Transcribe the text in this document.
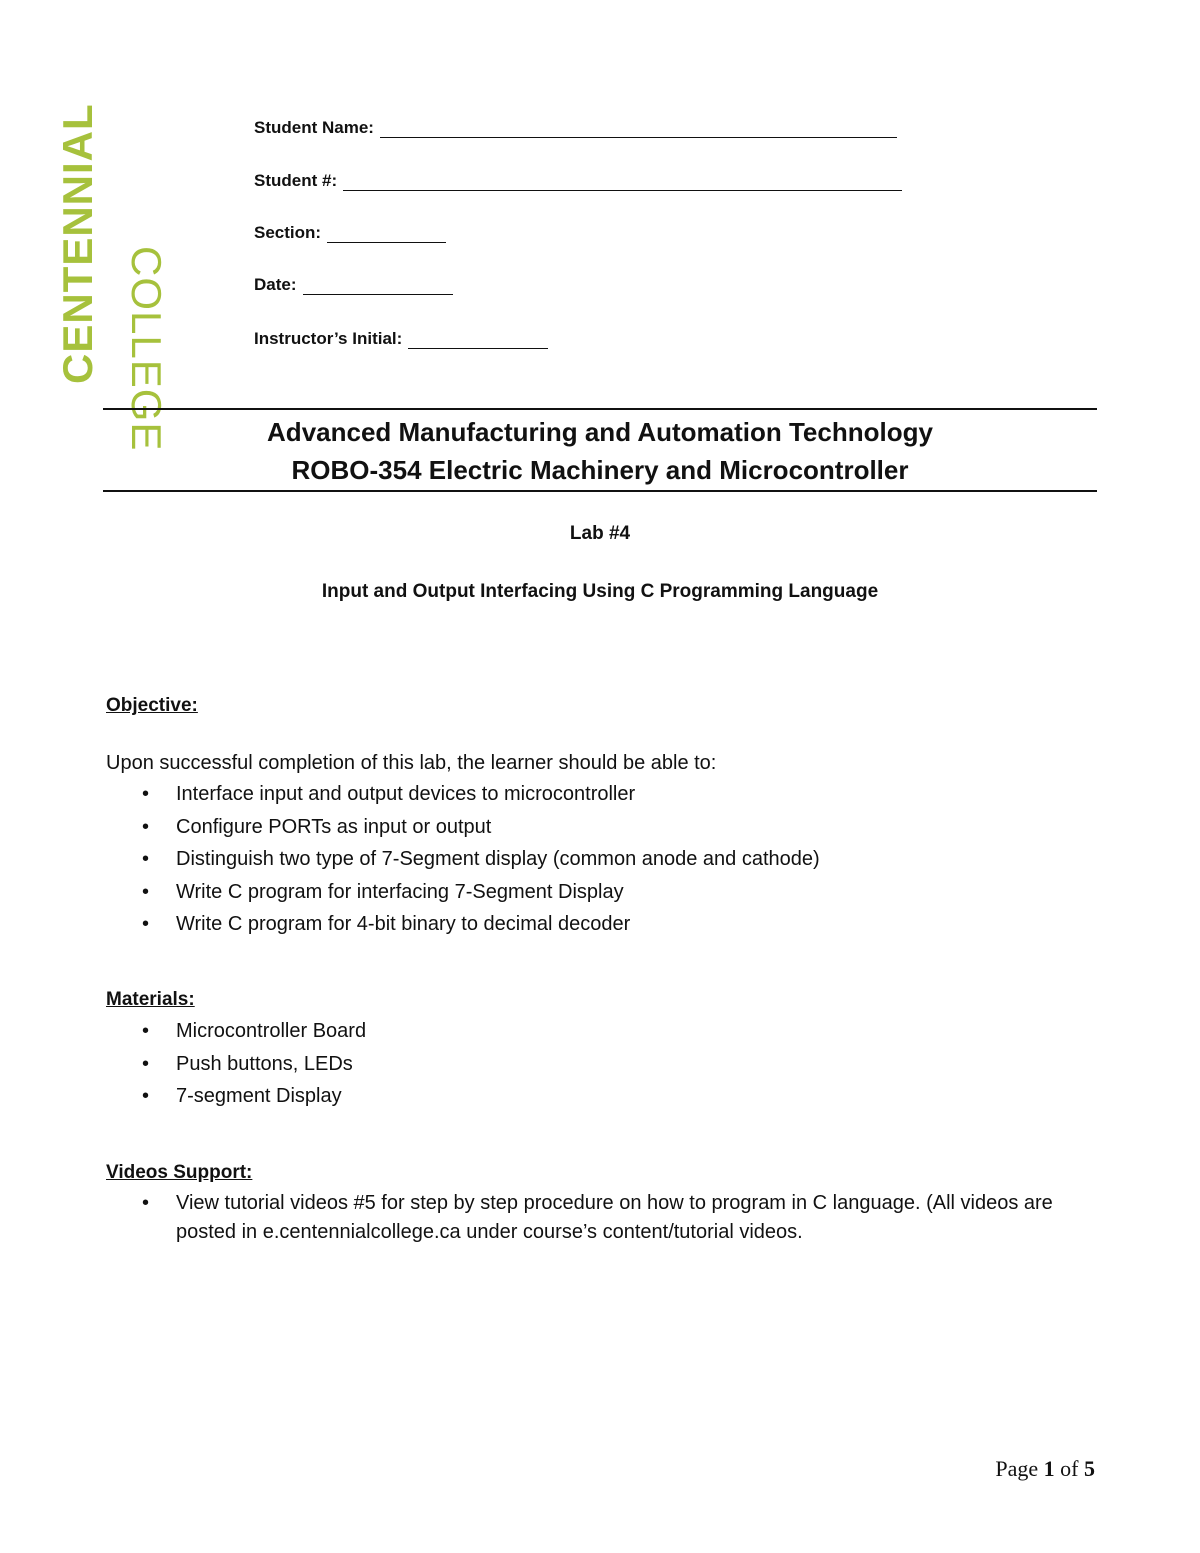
CENTENNIAL COLLEGE
Student Name:
Student #:
Section:
Date:
Instructor’s Initial:
Advanced Manufacturing and Automation Technology
ROBO-354 Electric Machinery and Microcontroller
Lab #4
Input and Output Interfacing Using C Programming Language
Objective:
Upon successful completion of this lab, the learner should be able to:
• Interface input and output devices to microcontroller
• Configure PORTs as input or output
• Distinguish two type of 7-Segment display (common anode and cathode)
• Write C program for interfacing 7-Segment Display
• Write C program for 4-bit binary to decimal decoder
Materials:
• Microcontroller Board
• Push buttons, LEDs
• 7-segment Display
Videos Support:
•	View tutorial videos #5 for step by step procedure on how to program in C language. (All videos are posted in e.centennialcollege.ca under course’s content/tutorial videos.
Page 1 of 5
